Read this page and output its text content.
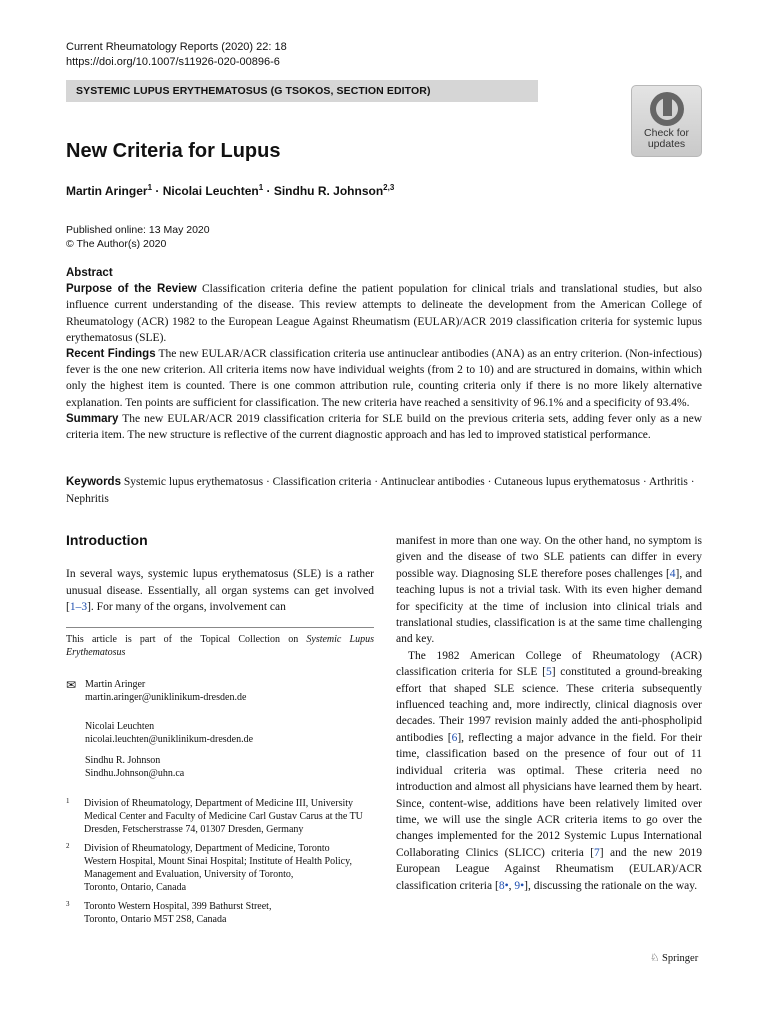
Current Rheumatology Reports (2020) 22: 18
https://doi.org/10.1007/s11926-020-00896-6
SYSTEMIC LUPUS ERYTHEMATOSUS (G TSOKOS, SECTION EDITOR)
Check for
updates
New Criteria for Lupus
Martin Aringer$^1$ · Nicolai Leuchten$^1$ · Sindhu R. Johnson$^{2,3}$
Published online: 13 May 2020
© The Author(s) 2020
Abstract

Purpose of the Review Classification criteria define the patient population for clinical trials and translational studies, but also influence current understanding of the disease. This review attempts to delineate the development from the American College of Rheumatology (ACR) 1982 to the European League Against Rheumatism (EULAR)/ACR 2019 classification criteria for systemic lupus erythematosus (SLE).

Recent Findings The new EULAR/ACR classification criteria use antinuclear antibodies (ANA) as an entry criterion. (Non-infectious) fever is the one new criterion. All criteria items now have individual weights (from 2 to 10) and are structured in domains, within which only the highest item is counted. There is one common attribution rule, counting criteria only if there is no more likely alternative explanation. Ten points are sufficient for classification. The new criteria have reached a sensitivity of 96.1% and a specificity of 93.4%.

Summary The new EULAR/ACR 2019 classification criteria for SLE build on the previous criteria sets, adding fever only as a new criteria item. The new structure is reflective of the current diagnostic approach and has led to improved statistical performance.

Keywords Systemic lupus erythematosus · Classification criteria · Antinuclear antibodies · Cutaneous lupus erythematosus · Arthritis · Nephritis
Introduction

In several ways, systemic lupus erythematosus (SLE) is a rather unusual disease. Essentially, all organ systems can get involved [1–3]. For many of the organs, involvement can

This article is part of the Topical Collection on Systemic Lupus Erythematosus
✉ Martin Aringer
martin.aringer@uniklinikum-dresden.de
Nicolai Leuchten
nicolai.leuchten@uniklinikum-dresden.de
Sindhu R. Johnson
Sindhu.Johnson@uhn.ca
1 Division of Rheumatology, Department of Medicine III, University
Medical Center and Faculty of Medicine Carl Gustav Carus at the TU
Dresden, Fetscherstrasse 74, 01307 Dresden, Germany
2 Division of Rheumatology, Department of Medicine, Toronto
Western Hospital, Mount Sinai Hospital; Institute of Health Policy,
Management and Evaluation, University of Toronto,
Toronto, Ontario, Canada
3 Toronto Western Hospital, 399 Bathurst Street,
Toronto, Ontario M5T 2S8, Canada

manifest in more than one way. On the other hand, no symptom is given and the disease of two SLE patients can differ in every possible way. Diagnosing SLE therefore poses challenges [4], and teaching lupus is not a trivial task. With its even higher demand for specificity at the time of inclusion into clinical trials and translational studies, classification is at the same time challenging and key.

The 1982 American College of Rheumatology (ACR) classification criteria for SLE [5] constituted a ground-breaking effort that shaped SLE science. These criteria subsequently influenced teaching and, more indirectly, clinical diagnosis over decades. Their 1997 revision mainly added the anti-phospholipid antibodies [6], reflecting a major advance in the field. For their time, classification based on the presence of four out of 11 individual criteria was optimal. These criteria need no introduction and almost all physicians have learned them by heart. Since, content-wise, additions have been relatively limited over time, we will use the single ACR criteria items to go over the changes implemented for the 2012 Systemic Lupus International Collaborating Clinics (SLICC) criteria [7] and the new 2019 European League Against Rheumatism (EULAR)/ACR classification criteria [8•, 9•], discussing the rationale on the way.

♘ Springer
